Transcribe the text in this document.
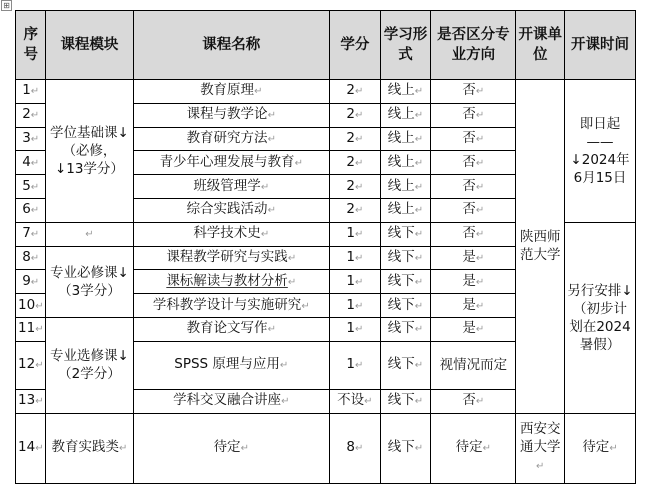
⊞
序号	课程模块	课程名称	学分	学习形式	是否区分专业方向	开课单位	开课时间
1↵	学位基础课↓（必修，↓13学分）	教育原理↵	2↵	线上↵	否↵	陕西师范大学	即日起——↓2024年6月15日
2↵		课程与教学论↵	2↵	线上↵	否↵		
3↵		教育研究方法↵	2↵	线上↵	否↵		
4↵		青少年心理发展与教育↵	2↵	线上↵	否↵		
5↵		班级管理学↵	2↵	线上↵	否↵		
6↵		综合实践活动↵	2↵	线上↵	否↵		
7↵	↵	科学技术史↵	1↵	线下↵	否↵		另行安排↓（初步计划在2024暑假）
8↵	专业必修课↓（3学分）	课程教学研究与实践↵	1↵	线下↵	是↵		
9↵		课标解读与教材分析↵	1↵	线下↵	是↵		
10↵		学科教学设计与实施研究↵	1↵	线下↵	是↵		
11↵	专业选修课↓（2学分）	教育论文写作↵	1↵	线下↵	是↵		
12↵		SPSS 原理与应用↵	1↵	线下↵	视情况而定		
13↵		学科交叉融合讲座↵	不设↵	线下↵	否↵		
14↵	教育实践类↵	待定↵	8↵	线下↵	待定↵	西安交通大学↵	待定↵
